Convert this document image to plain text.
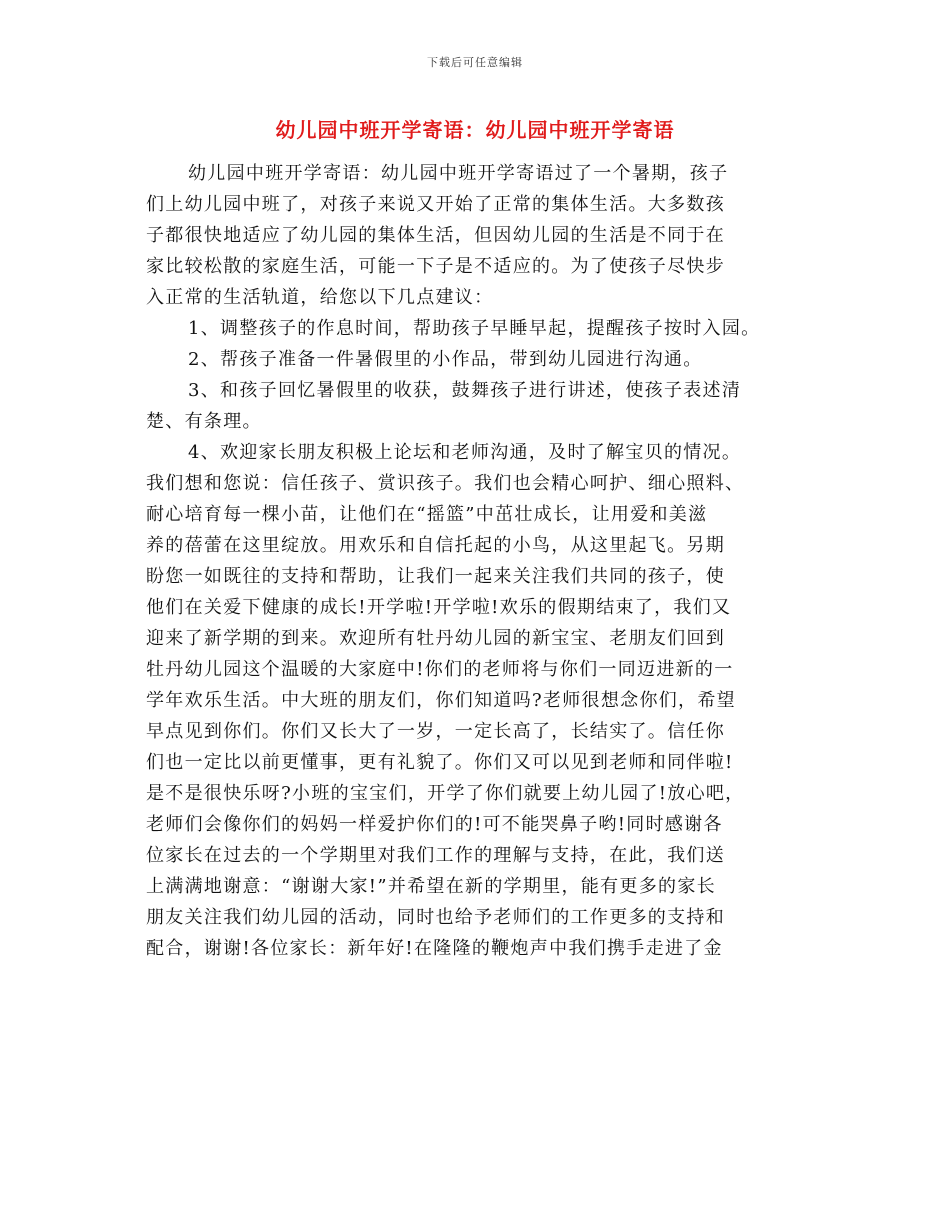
下载后可任意编辑
幼儿园中班开学寄语：幼儿园中班开学寄语
幼儿园中班开学寄语：幼儿园中班开学寄语过了一个暑期，孩子
们上幼儿园中班了，对孩子来说又开始了正常的集体生活。大多数孩
子都很快地适应了幼儿园的集体生活，但因幼儿园的生活是不同于在
家比较松散的家庭生活，可能一下子是不适应的。为了使孩子尽快步
入正常的生活轨道，给您以下几点建议：
1、调整孩子的作息时间，帮助孩子早睡早起，提醒孩子按时入园。
2、帮孩子准备一件暑假里的小作品，带到幼儿园进行沟通。
3、和孩子回忆暑假里的收获，鼓舞孩子进行讲述，使孩子表述清
楚、有条理。
4、欢迎家长朋友积极上论坛和老师沟通，及时了解宝贝的情况。
我们想和您说：信任孩子、赏识孩子。我们也会精心呵护、细心照料、
耐心培育每一棵小苗，让他们在“摇篮”中茁壮成长，让用爱和美滋
养的蓓蕾在这里绽放。用欢乐和自信托起的小鸟，从这里起飞。另期
盼您一如既往的支持和帮助，让我们一起来关注我们共同的孩子，使
他们在关爱下健康的成长!开学啦!开学啦!欢乐的假期结束了，我们又
迎来了新学期的到来。欢迎所有牡丹幼儿园的新宝宝、老朋友们回到
牡丹幼儿园这个温暖的大家庭中!你们的老师将与你们一同迈进新的一
学年欢乐生活。中大班的朋友们，你们知道吗?老师很想念你们，希望
早点见到你们。你们又长大了一岁，一定长高了，长结实了。信任你
们也一定比以前更懂事，更有礼貌了。你们又可以见到老师和同伴啦!
是不是很快乐呀?小班的宝宝们，开学了你们就要上幼儿园了!放心吧，
老师们会像你们的妈妈一样爱护你们的!可不能哭鼻子哟!同时感谢各
位家长在过去的一个学期里对我们工作的理解与支持，在此，我们送
上满满地谢意：“谢谢大家!”并希望在新的学期里，能有更多的家长
朋友关注我们幼儿园的活动，同时也给予老师们的工作更多的支持和
配合，谢谢!各位家长：新年好!在隆隆的鞭炮声中我们携手走进了金
